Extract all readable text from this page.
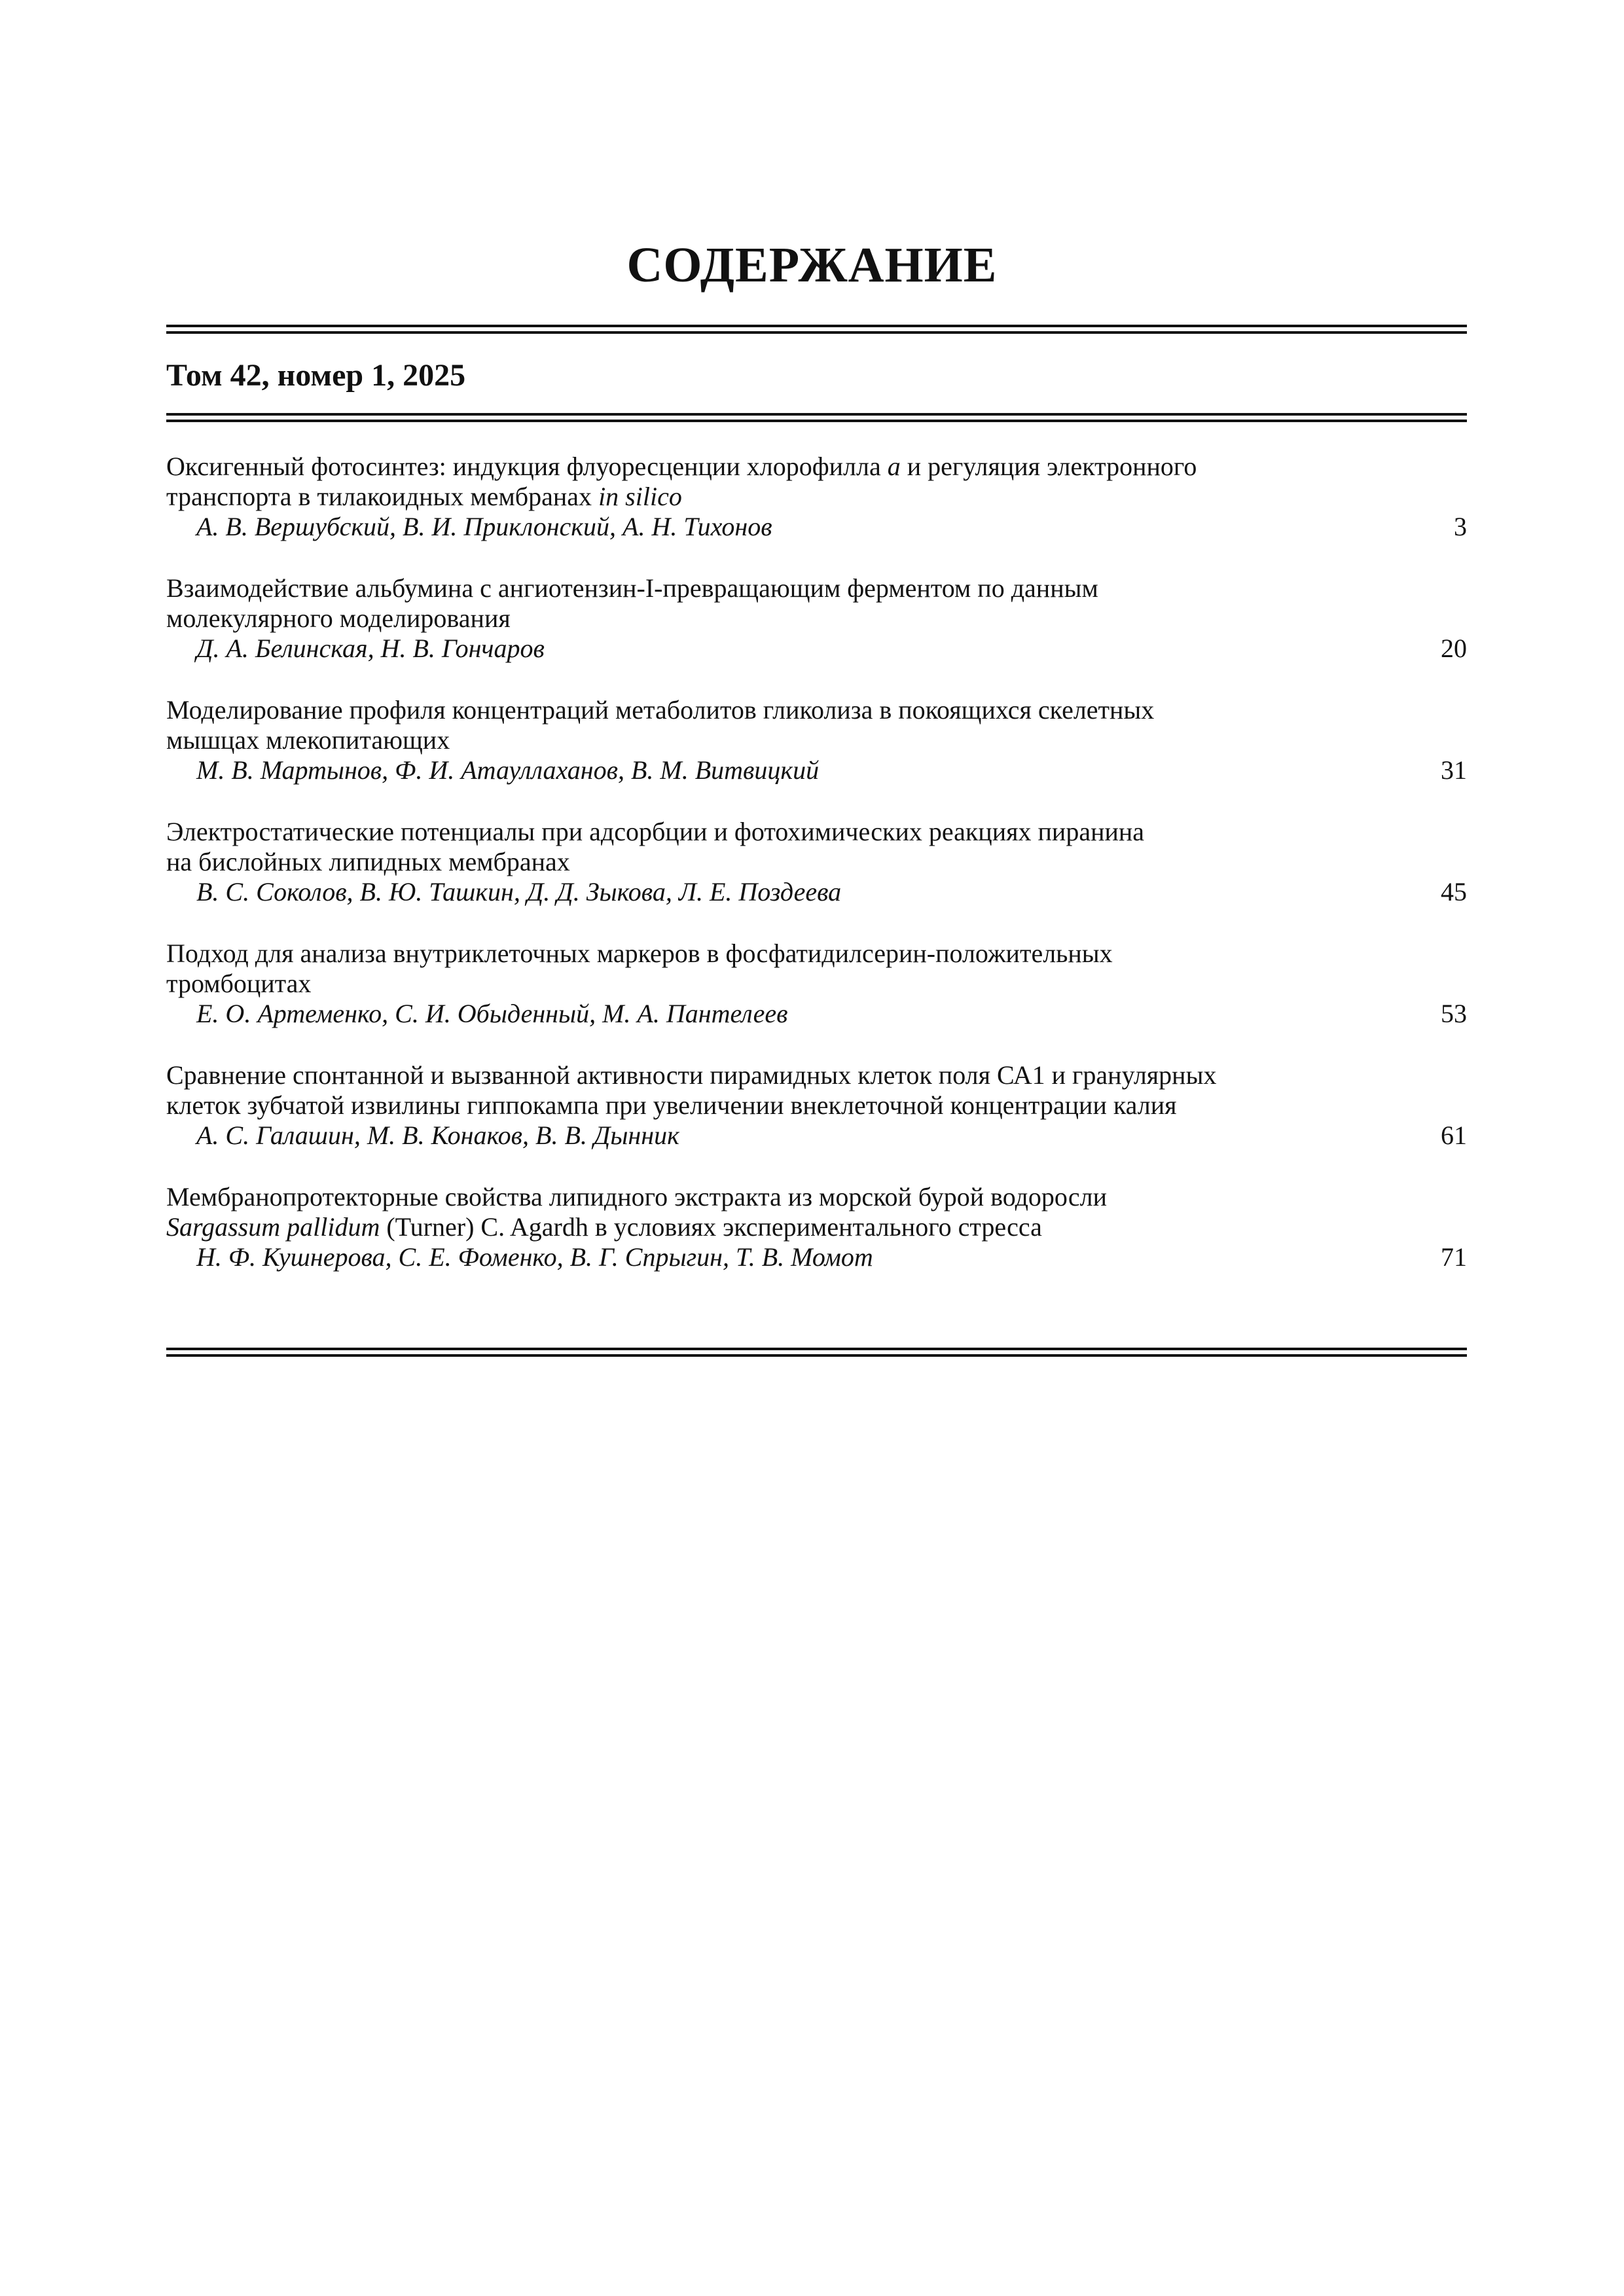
СОДЕРЖАНИЕ
Том 42, номер 1, 2025

Оксигенный фотосинтез: индукция флуоресценции хлорофилла a и регуляция электронного
транспорта в тилакоидных мембранах in silico

А. В. Вершубский, В. И. Приклонский, А. Н. Тихонов	3

Взаимодействие альбумина с ангиотензин-I-превращающим ферментом по данным
молекулярного моделирования

Д. А. Белинская, Н. В. Гончаров	20

Моделирование профиля концентраций метаболитов гликолиза в покоящихся скелетных
мышцах млекопитающих

М. В. Мартынов, Ф. И. Атауллаханов, В. М. Витвицкий	31

Электростатические потенциалы при адсорбции и фотохимических реакциях пиранина
на бислойных липидных мембранах

В. С. Соколов, В. Ю. Ташкин, Д. Д. Зыкова, Л. Е. Поздеева	45

Подход для анализа внутриклеточных маркеров в фосфатидилсерин-положительных
тромбоцитах

Е. О. Артеменко, С. И. Обыденный, М. А. Пантелеев	53

Сравнение спонтанной и вызванной активности пирамидных клеток поля СА1 и гранулярных
клеток зубчатой извилины гиппокампа при увеличении внеклеточной концентрации калия

А. С. Галашин, М. В. Конаков, В. В. Дынник	61

Мембранопротекторные свойства липидного экстракта из морской бурой водоросли
Sargassum pallidum (Turner) C. Agardh в условиях экспериментального стресса

Н. Ф. Кушнерова, С. Е. Фоменко, В. Г. Спрыгин, Т. В. Момот	71
